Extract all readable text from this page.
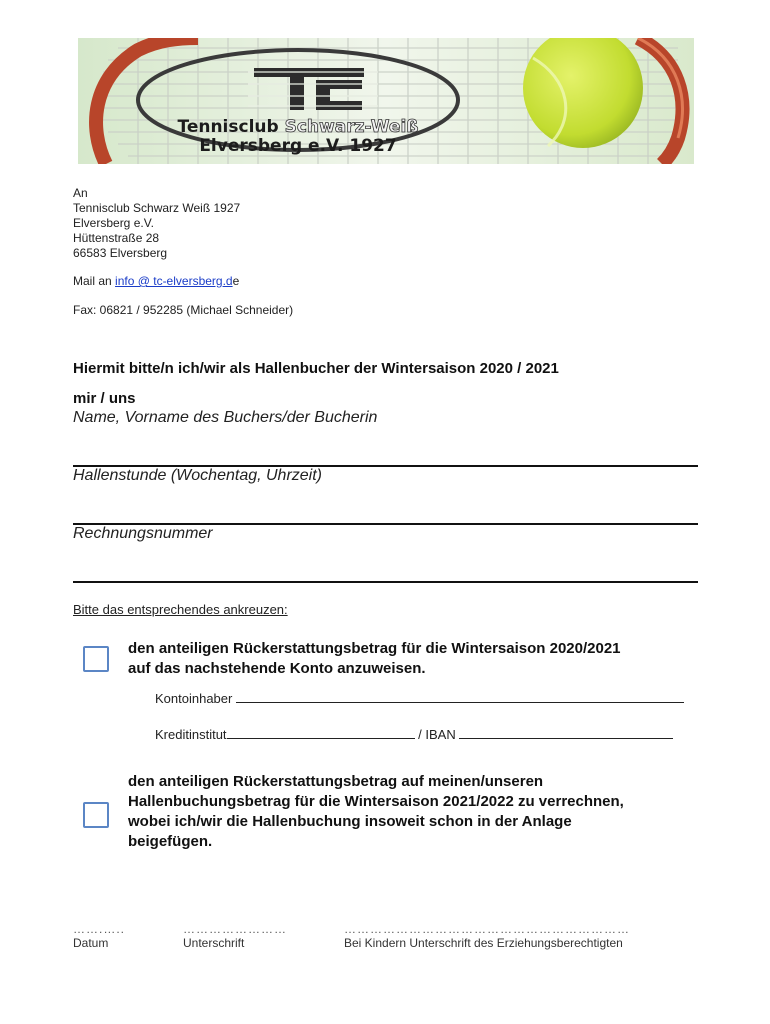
Tennisclub Schwarz-Weiß
Elversberg e.V. 1927
An
Tennisclub Schwarz Weiß 1927
Elversberg e.V.
Hüttenstraße 28
66583 Elversberg
Mail an info @ tc-elversberg.de
Fax: 06821 / 952285 (Michael Schneider)
Hiermit bitte/n ich/wir als Hallenbucher der Wintersaison 2020 / 2021
mir / uns
Name, Vorname des Buchers/der Bucherin
Hallenstunde (Wochentag, Uhrzeit)
Rechnungsnummer
Bitte das entsprechendes ankreuzen:
den anteiligen Rückerstattungsbetrag für die Wintersaison 2020/2021
auf das nachstehende Konto anzuweisen.
Kontoinhaber
Kreditinstitut	/ IBAN
den anteiligen Rückerstattungsbetrag auf meinen/unseren
Hallenbuchungsbetrag für die Wintersaison 2021/2022 zu verrechnen,
wobei ich/wir die Hallenbuchung insoweit schon in der Anlage
beigefügen.
…….…..
Datum
……………………
Unterschrift
…………………………………………………………
Bei Kindern Unterschrift des Erziehungsberechtigten
